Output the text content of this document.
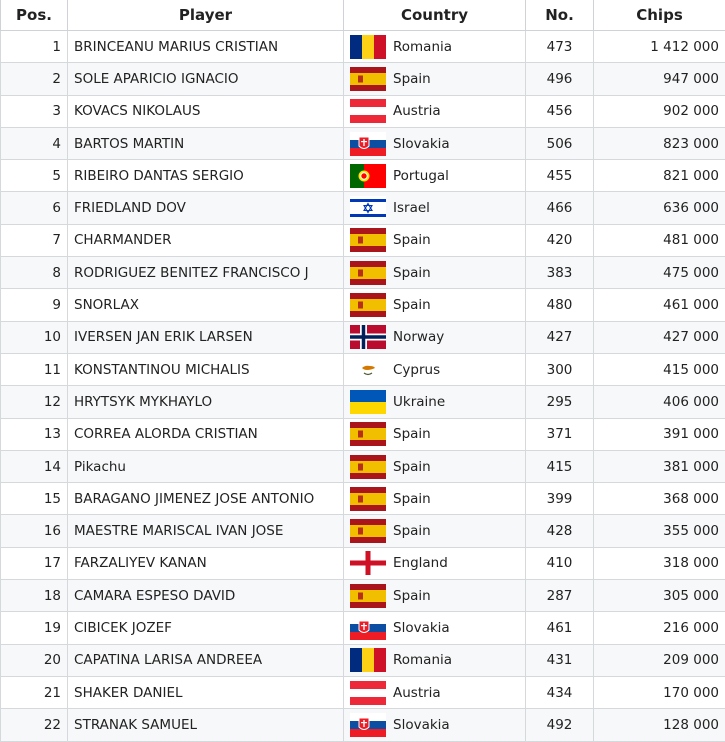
Pos.	Player	Country	No.	Chips
1	BRINCEANU MARIUS CRISTIAN	Romania	473	1 412 000
2	SOLE APARICIO IGNACIO	Spain	496	947 000
3	KOVACS NIKOLAUS	Austria	456	902 000
4	BARTOS MARTIN	Slovakia	506	823 000
5	RIBEIRO DANTAS SERGIO	Portugal	455	821 000
6	FRIEDLAND DOV	Israel	466	636 000
7	CHARMANDER	Spain	420	481 000
8	RODRIGUEZ BENITEZ FRANCISCO J	Spain	383	475 000
9	SNORLAX	Spain	480	461 000
10	IVERSEN JAN ERIK LARSEN	Norway	427	427 000
11	KONSTANTINOU MICHALIS	Cyprus	300	415 000
12	HRYTSYK MYKHAYLO	Ukraine	295	406 000
13	CORREA ALORDA CRISTIAN	Spain	371	391 000
14	Pikachu	Spain	415	381 000
15	BARAGANO JIMENEZ JOSE ANTONIO	Spain	399	368 000
16	MAESTRE MARISCAL IVAN JOSE	Spain	428	355 000
17	FARZALIYEV KANAN	England	410	318 000
18	CAMARA ESPESO DAVID	Spain	287	305 000
19	CIBICEK JOZEF	Slovakia	461	216 000
20	CAPATINA LARISA ANDREEA	Romania	431	209 000
21	SHAKER DANIEL	Austria	434	170 000
22	STRANAK SAMUEL	Slovakia	492	128 000
